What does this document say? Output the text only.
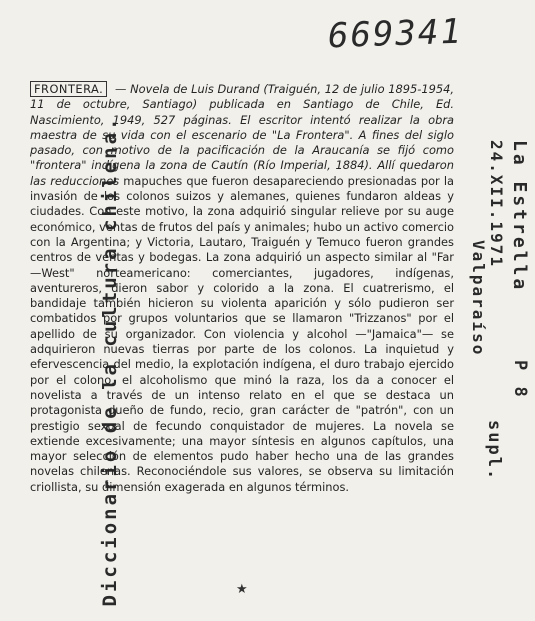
669341
Diccionario de la cultura chilena.	La Estrella
24.XII.1971
Valparaíso
P 8
supl.
FRONTERA. — Novela de Luis Durand (Traiguén, 12 de julio 1895-1954, 11 de octubre, Santiago) publicada en Santiago de Chile, Ed. Nascimiento, 1949, 527 páginas. El escritor intentó realizar la obra maestra de su vida con el escenario de "La Frontera". A fines del siglo pasado, con motivo de la pacificación de la Araucanía se fijó como "frontera" indígena la zona de Cautín (Río Imperial, 1884). Allí quedaron las reducciones mapuches que fueron desapareciendo presionadas por la invasión de los colonos suizos y alemanes, quienes fundaron aldeas y ciudades. Con este motivo, la zona adquirió singular relieve por su auge económico, ventas de frutos del país y animales; hubo un activo comercio con la Argentina; y Victoria, Lautaro, Traiguén y Temuco fueron grandes centros de ventas y bodegas. La zona adquirió un aspecto similar al "Far—West" norteamericano: comerciantes, jugadores, indígenas, aventureros, dieron sabor y colorido a la zona. El cuatrerismo, el bandidaje también hicieron su violenta aparición y sólo pudieron ser combatidos por grupos voluntarios que se llamaron "Trizzanos" por el apellido de su organizador. Con violencia y alcohol —"Jamaica"— se adquirieron nuevas tierras por parte de los colonos. La inquietud y efervescencia del medio, la explotación indígena, el duro trabajo ejercido por el colono, el alcoholismo que minó la raza, los da a conocer el novelista a través de un intenso relato en el que se destaca un protagonista dueño de fundo, recio, gran carácter de "patrón", con un prestigio sexual de fecundo conquistador de mujeres. La novela se extiende excesivamente; una mayor síntesis en algunos capítulos, una mayor selección de elementos pudo haber hecho una de las grandes novelas chilenas. Reconociéndole sus valores, se observa su limitación criollista, su dimensión exagerada en algunos términos.
★
